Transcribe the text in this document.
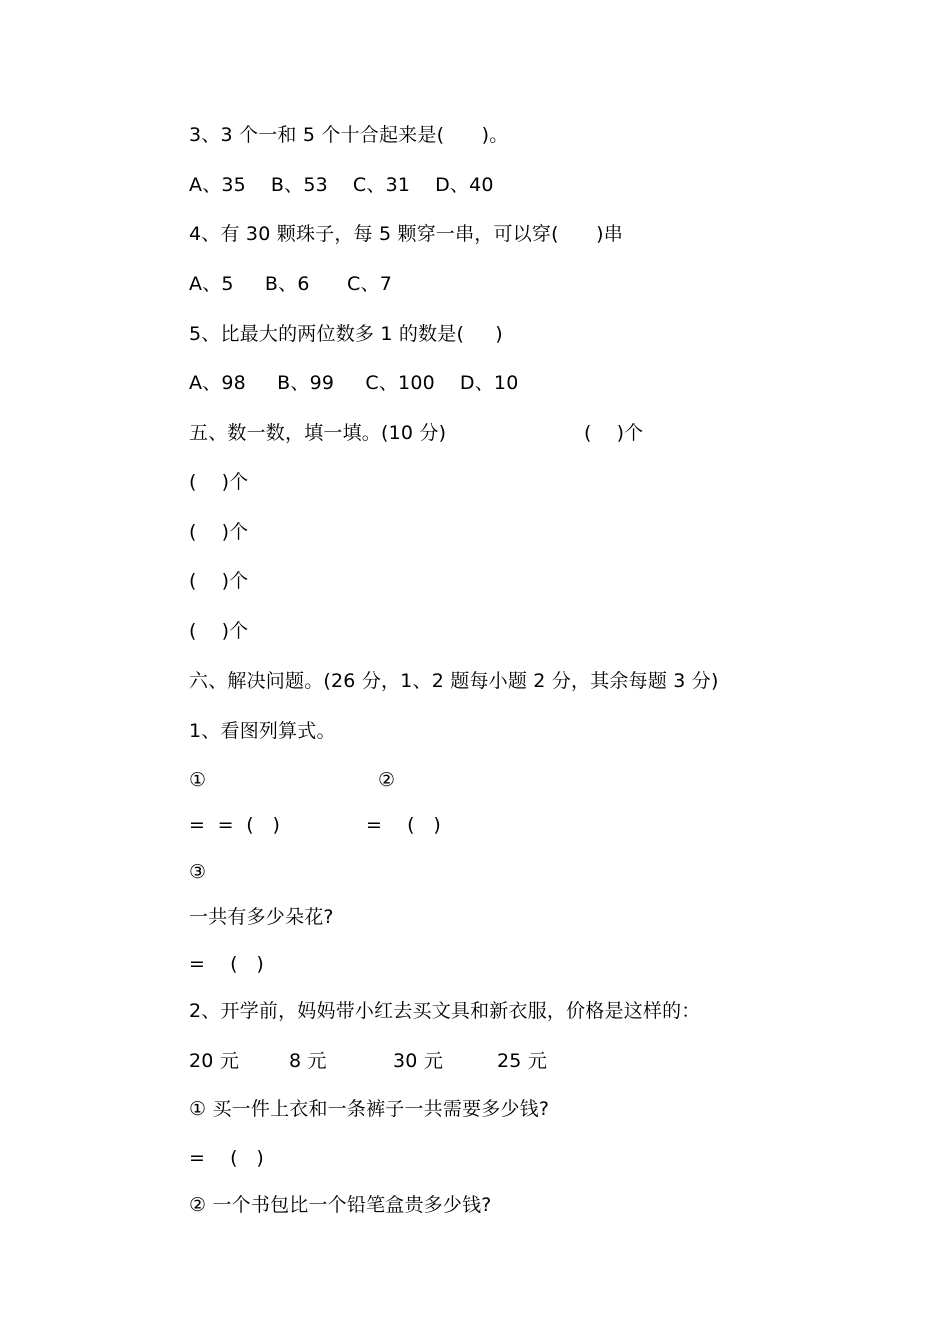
3、3 个一和 5 个十合起来是(      )。
A、35    B、53    C、31    D、40
4、有 30 颗珠子，每 5 颗穿一串，可以穿(      )串
A、5     B、6      C、7
5、比最大的两位数多 1 的数是(     )
A、98     B、99     C、100    D、10
五、数一数，填一填。(10 分)	(    )个
(    )个
(    )个
(    )个
(    )个
六、解决问题。(26 分，1、2 题每小题 2 分，其余每题 3 分)
1、看图列算式。
①	②
=  =  (   )	=    (   )
③
一共有多少朵花?
=    (   )
2、开学前，妈妈带小红去买文具和新衣服，价格是这样的：
20 元	8 元	30 元	25 元
① 买一件上衣和一条裤子一共需要多少钱?
=    (   )
② 一个书包比一个铅笔盒贵多少钱?
